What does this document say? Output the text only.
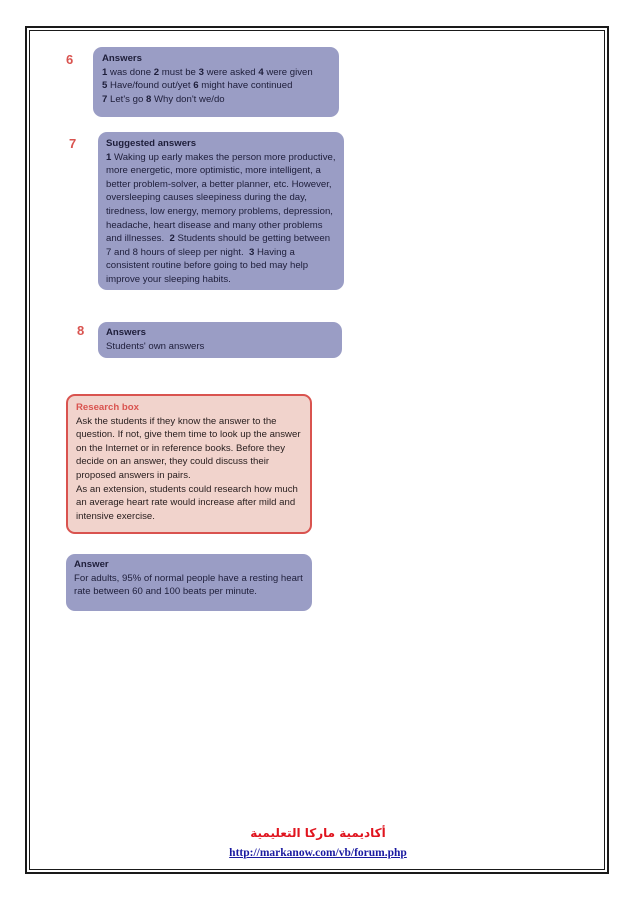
6	Answers
1 was done 2 must be 3 were asked 4 were given
5 Have/found out/yet 6 might have continued
7 Let's go 8 Why don't we/do
7	Suggested answers
1 Waking up early makes the person more productive, more energetic, more optimistic, more intelligent, a better problem-solver, a better planner, etc. However, oversleeping causes sleepiness during the day, tiredness, low energy, memory problems, depression, headache, heart disease and many other problems and illnesses. 2 Students should be getting between 7 and 8 hours of sleep per night. 3 Having a consistent routine before going to bed may help improve your sleeping habits.
8 Answers
Students' own answers
Research box
Ask the students if they know the answer to the question. If not, give them time to look up the answer on the Internet or in reference books. Before they decide on an answer, they could discuss their proposed answers in pairs.
As an extension, students could research how much an average heart rate would increase after mild and intensive exercise.
Answer
For adults, 95% of normal people have a resting heart rate between 60 and 100 beats per minute.
أكاديمية ماركا التعليمية
http://markanow.com/vb/forum.php
